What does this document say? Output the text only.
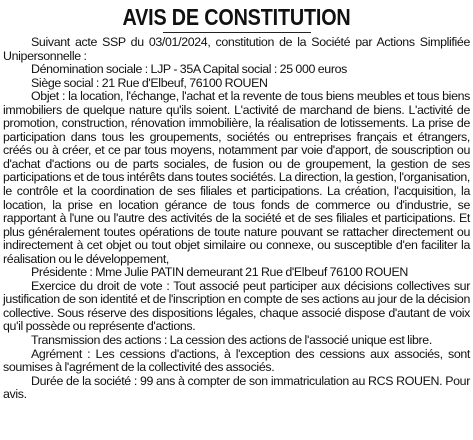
AVIS DE CONSTITUTION

Suivant acte SSP du 03/01/2024, constitution de la Société par Actions Simplifiée Unipersonnelle :

Dénomination sociale : LJP - 35A Capital social : 25 000 euros

Siège social : 21 Rue d'Elbeuf, 76100 ROUEN

Objet : la location, l'échange, l'achat et la revente de tous biens meubles et tous biens immobiliers de quelque nature qu'ils soient. L'activité de marchand de biens. L'activité de promotion, construction, rénovation immobilière, la réalisation de lotissements. La prise de participation dans tous les groupements, sociétés ou entreprises français et étrangers, créés ou à créer, et ce par tous moyens, notamment par voie d'apport, de souscription ou d'achat d'actions ou de parts sociales, de fusion ou de groupement, la gestion de ses participations et de tous intérêts dans toutes sociétés. La direction, la gestion, l'organisation, le contrôle et la coordination de ses filiales et participations. La création, l'acquisition, la location, la prise en location gérance de tous fonds de commerce ou d'industrie, se rapportant à l'une ou l'autre des activités de la société et de ses filiales et participations. Et plus généralement toutes opérations de toute nature pouvant se rattacher directement ou indirectement à cet objet ou tout objet similaire ou connexe, ou susceptible d'en faciliter la réalisation ou le développement,

Présidente : Mme Julie PATIN demeurant 21 Rue d'Elbeuf 76100 ROUEN

Exercice du droit de vote : Tout associé peut participer aux décisions collectives sur justification de son identité et de l'inscription en compte de ses actions au jour de la décision collective. Sous réserve des dispositions légales, chaque associé dispose d'autant de voix qu'il possède ou représente d'actions.

Transmission des actions : La cession des actions de l'associé unique est libre.

Agrément : Les cessions d'actions, à l'exception des cessions aux associés, sont soumises à l'agrément de la collectivité des associés.

Durée de la société : 99 ans à compter de son immatriculation au RCS ROUEN. Pour avis.
